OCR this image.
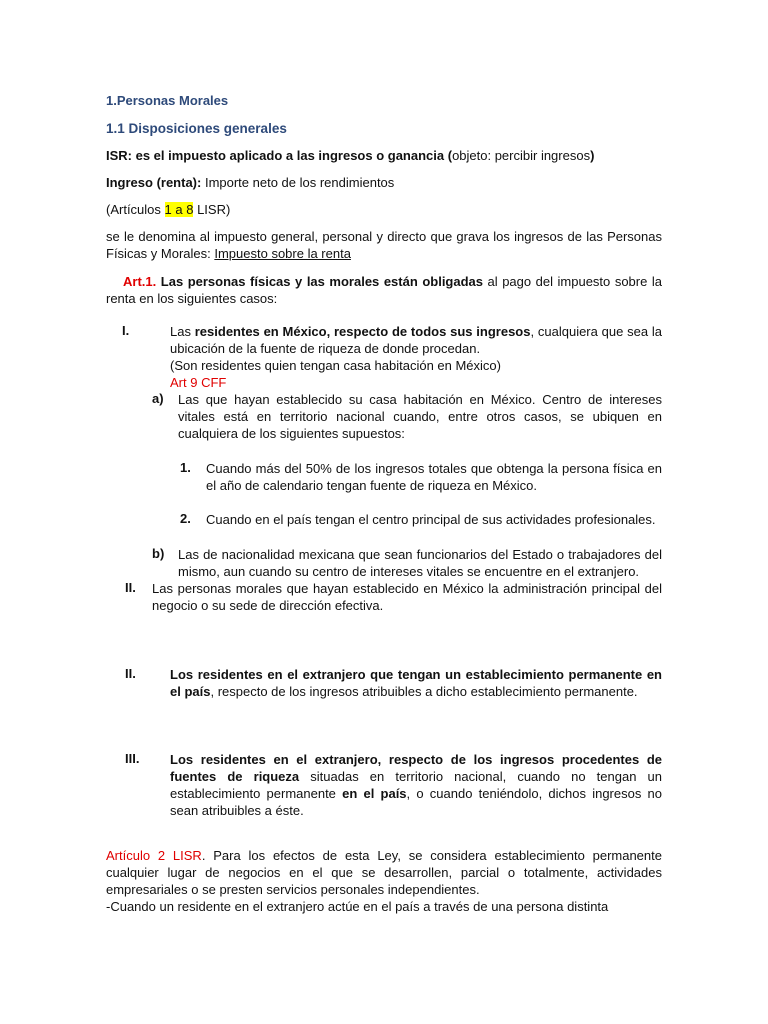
1.Personas Morales

1.1 Disposiciones generales

ISR: es el impuesto aplicado a las ingresos o ganancia (objeto: percibir ingresos)

Ingreso (renta): Importe neto de los rendimientos

(Artículos 1 a 8 LISR)

se le denomina al impuesto general, personal y directo que grava los ingresos de las Personas Físicas y Morales: Impuesto sobre la renta

Art.1. Las personas físicas y las morales están obligadas al pago del impuesto sobre la renta en los siguientes casos:

I.	Las residentes en México, respecto de todos sus ingresos, cualquiera que sea la ubicación de la fuente de riqueza de donde procedan.

(Son residentes quien tengan casa habitación en México)

Art 9 CFF

a) Las que hayan establecido su casa habitación en México. Centro de intereses vitales está en territorio nacional cuando, entre otros casos, se ubiquen en cualquiera de los siguientes supuestos:

1. Cuando más del 50% de los ingresos totales que obtenga la persona física en el año de calendario tengan fuente de riqueza en México.

2. Cuando en el país tengan el centro principal de sus actividades profesionales.

b) Las de nacionalidad mexicana que sean funcionarios del Estado o trabajadores del mismo, aun cuando su centro de intereses vitales se encuentre en el extranjero.

II. Las personas morales que hayan establecido en México la administración principal del negocio o su sede de dirección efectiva.

II.	Los residentes en el extranjero que tengan un establecimiento permanente en el país, respecto de los ingresos atribuibles a dicho establecimiento permanente.

III. Los residentes en el extranjero, respecto de los ingresos procedentes de fuentes de riqueza situadas en territorio nacional, cuando no tengan un establecimiento permanente en el país, o cuando teniéndolo, dichos ingresos no sean atribuibles a éste.

Artículo 2 LISR. Para los efectos de esta Ley, se considera establecimiento permanente cualquier lugar de negocios en el que se desarrollen, parcial o totalmente, actividades empresariales o se presten servicios personales independientes.

-Cuando un residente en el extranjero actúe en el país a través de una persona distinta
